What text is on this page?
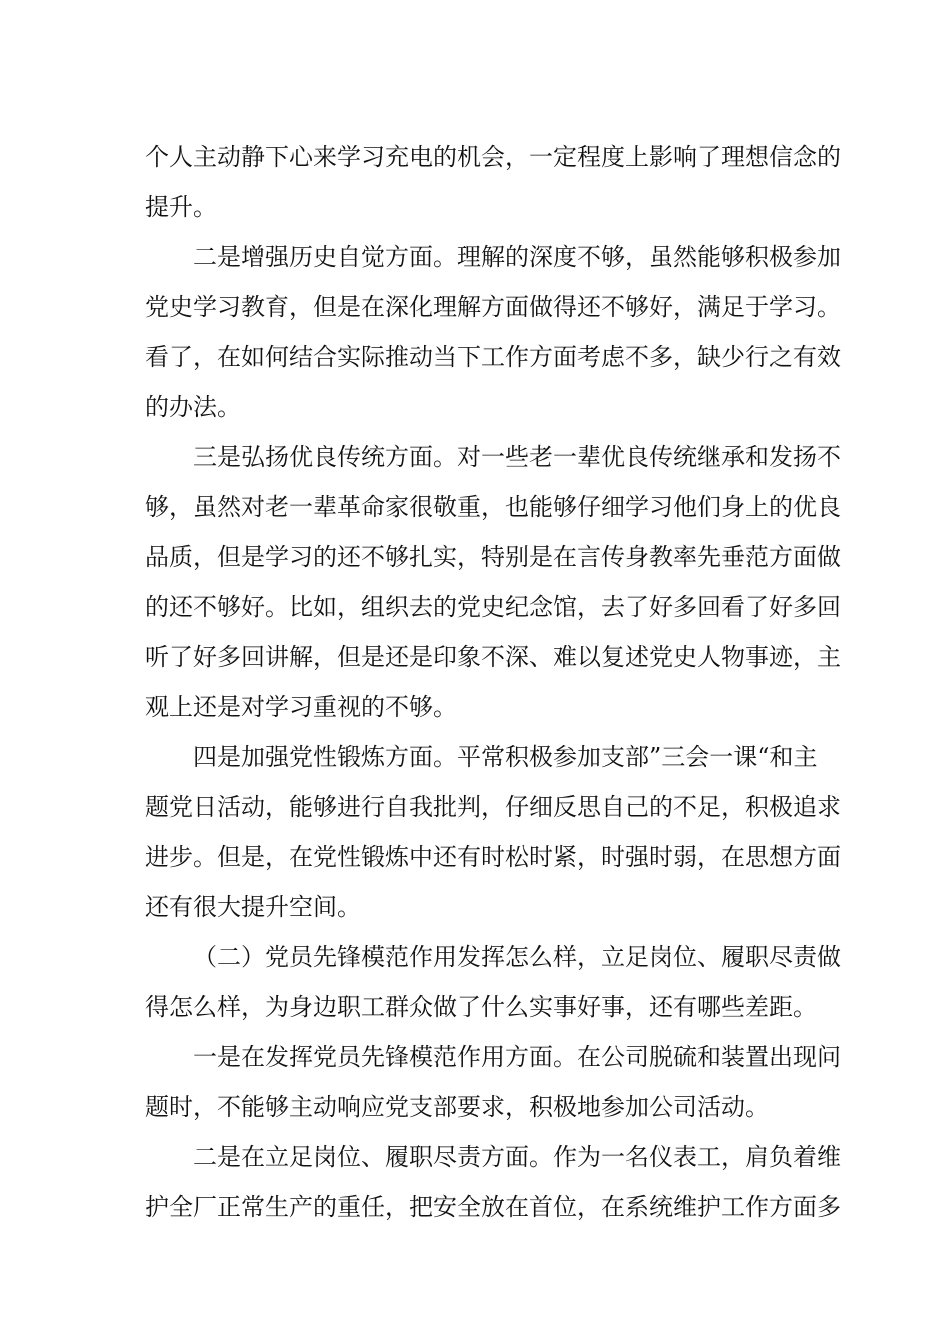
个人主动静下心来学习充电的机会，一定程度上影响了理想信念的
提升。
二是增强历史自觉方面。理解的深度不够，虽然能够积极参加
党史学习教育，但是在深化理解方面做得还不够好，满足于学习。
看了，在如何结合实际推动当下工作方面考虑不多，缺少行之有效
的办法。
三是弘扬优良传统方面。对一些老一辈优良传统继承和发扬不
够，虽然对老一辈革命家很敬重，也能够仔细学习他们身上的优良
品质，但是学习的还不够扎实，特别是在言传身教率先垂范方面做
的还不够好。比如，组织去的党史纪念馆，去了好多回看了好多回
听了好多回讲解，但是还是印象不深、难以复述党史人物事迹，主
观上还是对学习重视的不够。
四是加强党性锻炼方面。平常积极参加支部”三会一课“和主
题党日活动，能够进行自我批判，仔细反思自己的不足，积极追求
进步。但是，在党性锻炼中还有时松时紧，时强时弱，在思想方面
还有很大提升空间。
（二）党员先锋模范作用发挥怎么样，立足岗位、履职尽责做
得怎么样，为身边职工群众做了什么实事好事，还有哪些差距。
一是在发挥党员先锋模范作用方面。在公司脱硫和装置出现问
题时，不能够主动响应党支部要求，积极地参加公司活动。
二是在立足岗位、履职尽责方面。作为一名仪表工，肩负着维
护全厂正常生产的重任，把安全放在首位，在系统维护工作方面多
